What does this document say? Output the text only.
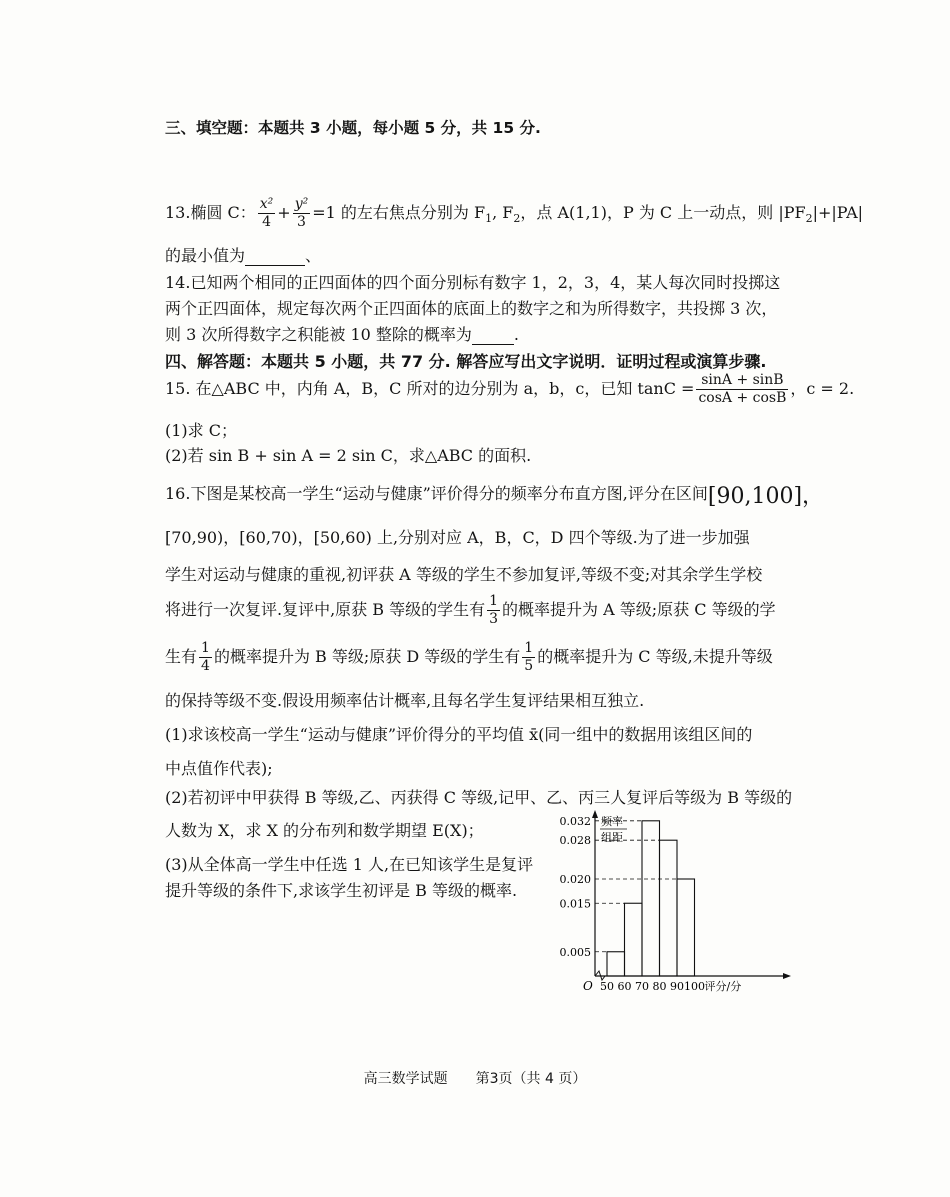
三、填空题：本题共 3 小题，每小题 5 分，共 15 分.
13.椭圆 C： $\frac{\text{x²}}{4} + \frac{\text{y²}}{3} =1$ 的左右焦点分别为 $F_1$, $F_2$，点 A(1,1)，P 为 C 上一动点，则 $|PF_2|+|PA|$
的最小值为	、
14.已知两个相同的正四面体的四个面分别标有数字 1，2，3，4，某人每次同时投掷这
两个正四面体，规定每次两个正四面体的底面上的数字之和为所得数字，共投掷 3 次，
则 3 次所得数字之积能被 10 整除的概率为	.
四、解答题：本题共 5 小题，共 77 分. 解答应写出文字说明．证明过程或演算步骤.
15. 在△ABC 中，内角 A，B，C 所对的边分别为 a，b，c，已知 $\tan C = \frac{\sin A + \sin B}{\cos A + \cos B}$ ，c = 2.
(1)求 C；
(2)若 sin B + sin A = 2 sin C，求△ABC 的面积.
16.下图是某校高一学生“运动与健康”评价得分的频率分布直方图,评分在区间[90,100]，
[70,90)，[60,70)，[50,60) 上,分别对应 A，B，C，D 四个等级.为了进一步加强
学生对运动与健康的重视,初评获 A 等级的学生不参加复评,等级不变;对其余学生学校
将进行一次复评.复评中,原获 B 等级的学生有 $\frac{1}{3}$ 的概率提升为 A 等级;原获 C 等级的学
生有 $\frac{1}{4}$ 的概率提升为 B 等级;原获 D 等级的学生有 $\frac{1}{5}$ 的概率提升为 C 等级,未提升等级
的保持等级不变.假设用频率估计概率,且每名学生复评结果相互独立.
(1)求该校高一学生“运动与健康”评价得分的平均值 x̄(同一组中的数据用该组区间的
中点值作代表);
(2)若初评中甲获得 B 等级,乙、丙获得 C 等级,记甲、乙、丙三人复评后等级为 B 等级的
人数为 X，求 X 的分布列和数学期望 E(X)；
(3)从全体高一学生中任选 1 人,在已知该学生是复评
提升等级的条件下,求该学生初评是 B 等级的概率.
0.005
0.015
0.020
0.028
0.032
50 60 70 80 90 100
O	评分/分
频率
组距
高三数学试题　　第3页（共 4 页）
